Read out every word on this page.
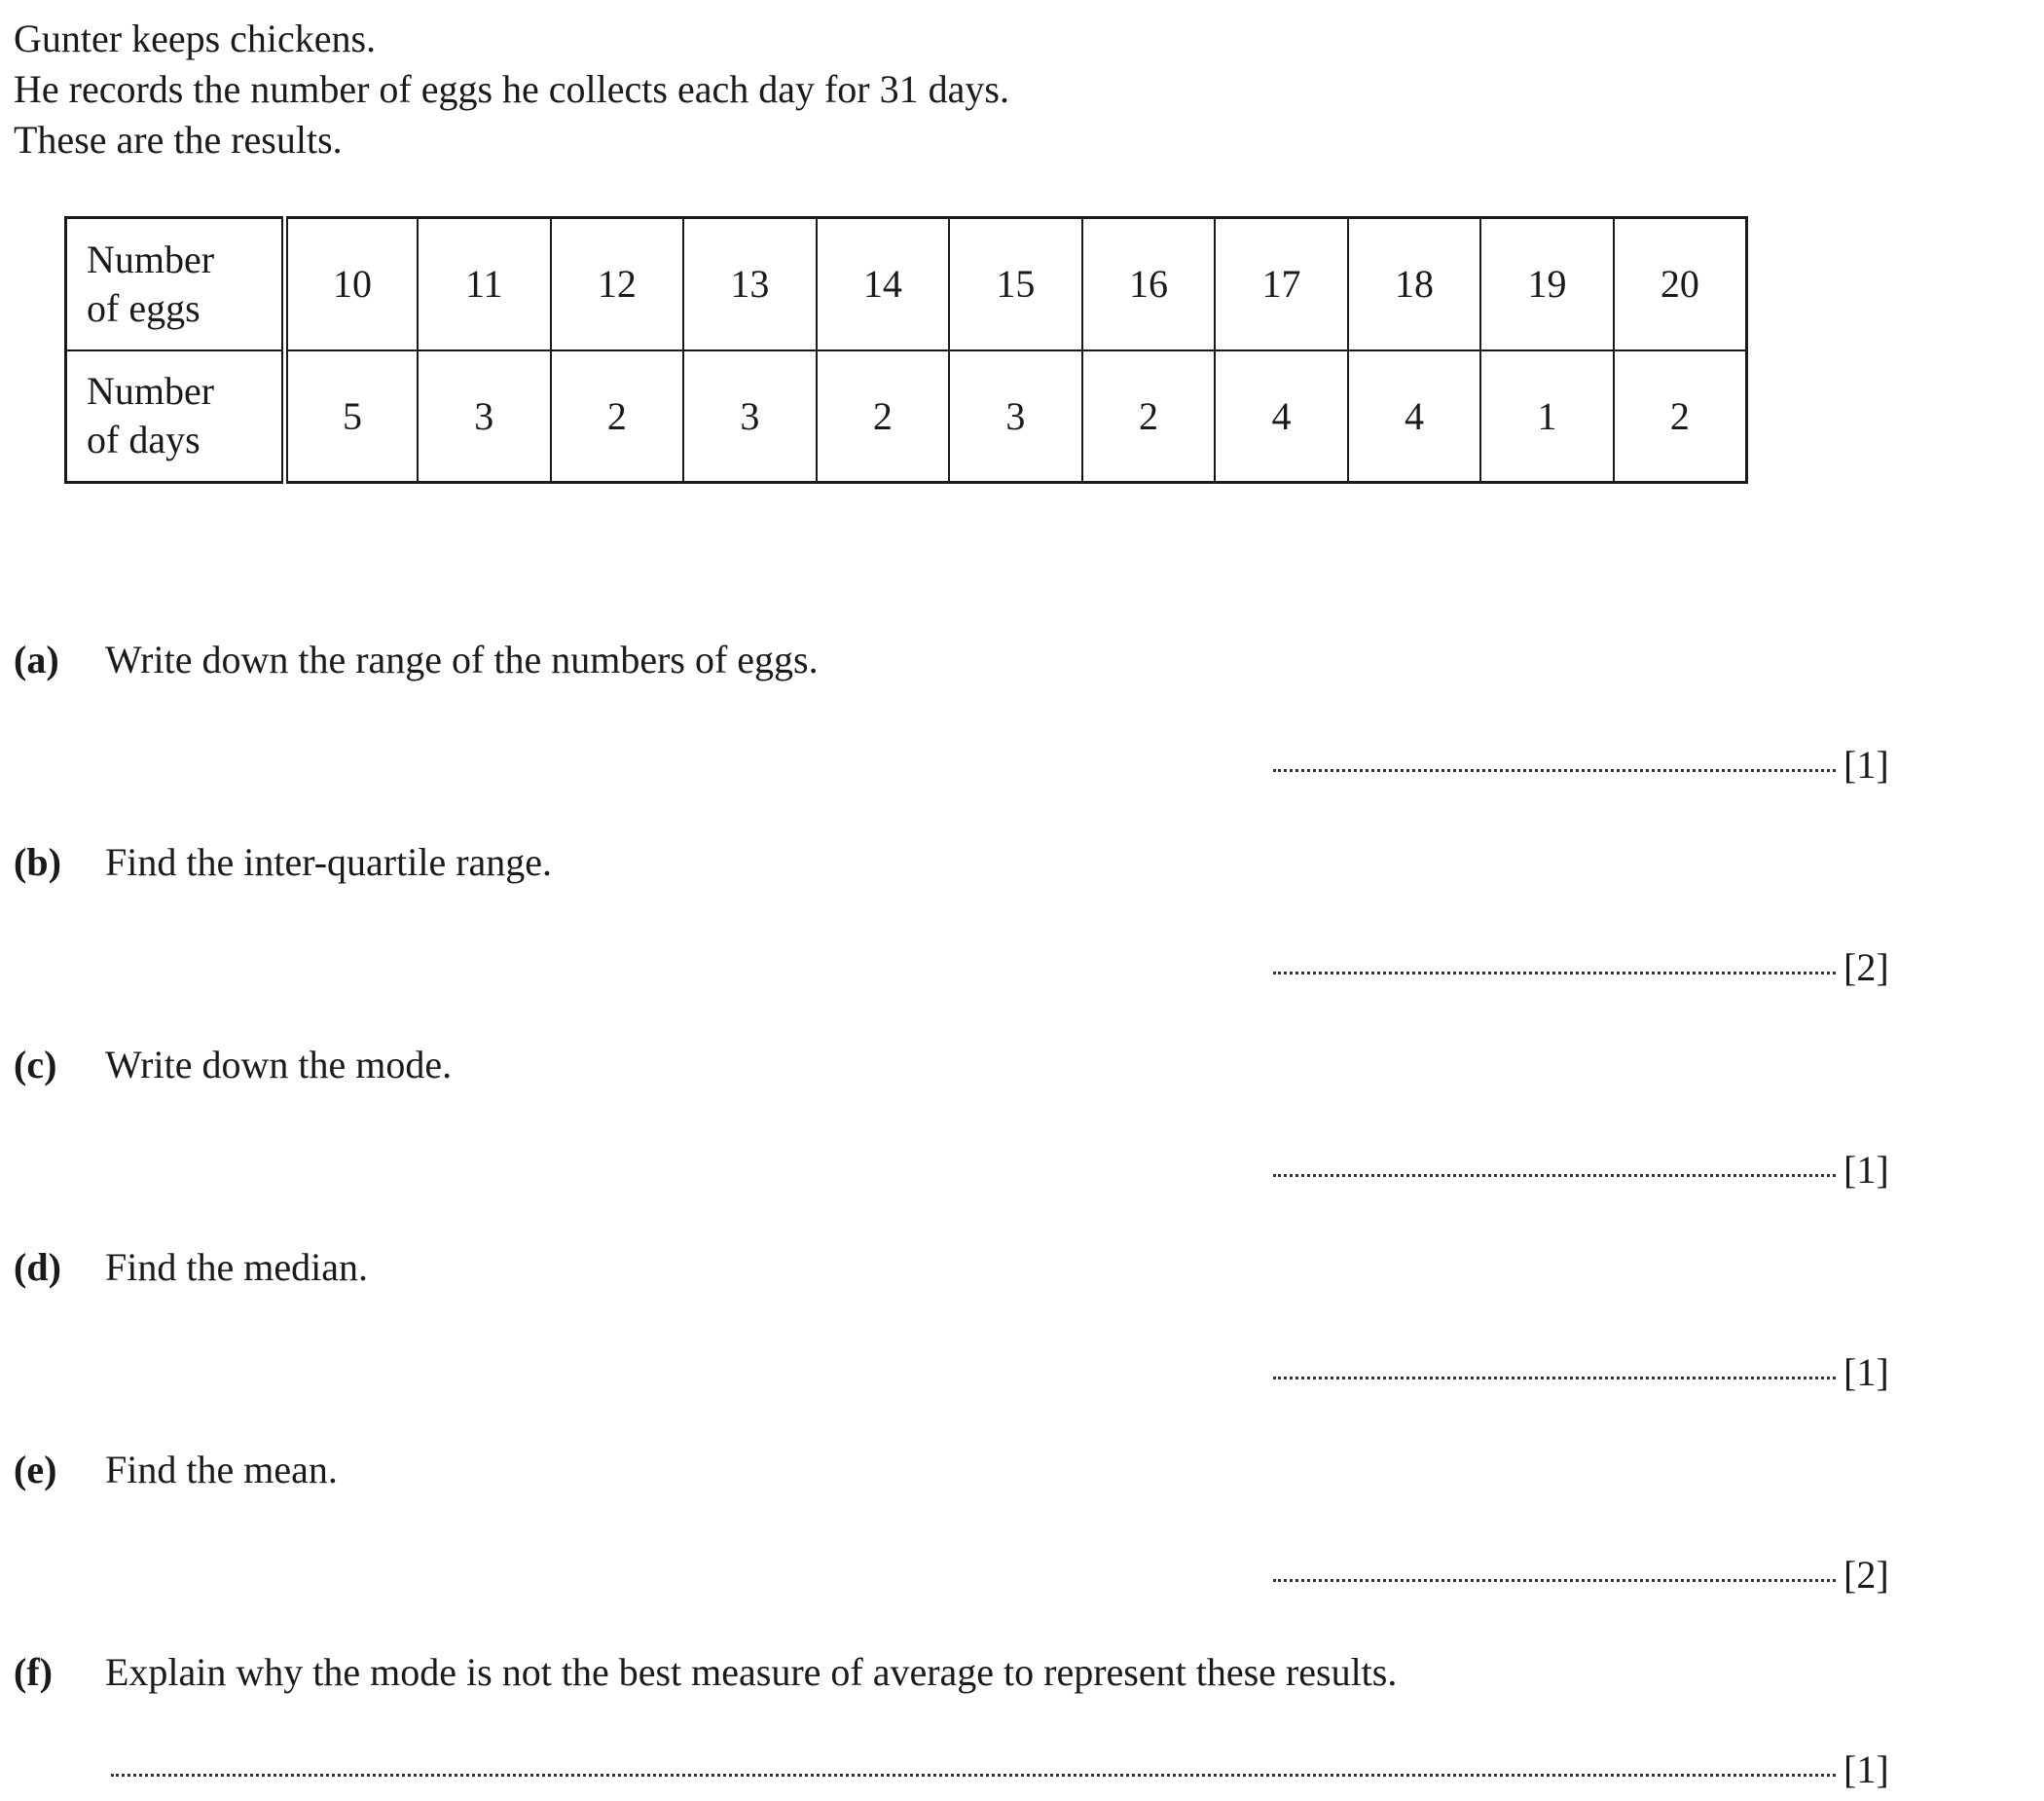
Gunter keeps chickens.
He records the number of eggs he collects each day for 31 days.
These are the results.
Number
of eggs	10	11	12	13	14	15	16	17	18	19	20

Number
of days	5	3	2	3	2	3	2	4	4	1	2
(a) Write down the range of the numbers of eggs.
[1]
(b) Find the inter-quartile range.
[2]
(c) Write down the mode.
[1]
(d) Find the median.
[1]
(e) Find the mean.
[2]
(f) Explain why the mode is not the best measure of average to represent these results.
[1]
